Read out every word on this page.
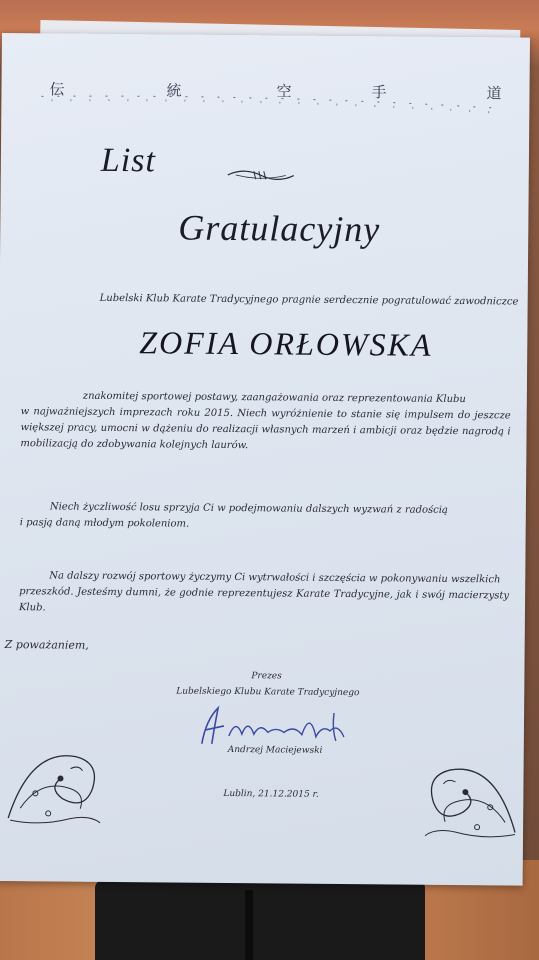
伝	統	空	手	道
List
Gratulacyjny
Lubelski Klub Karate Tradycyjnego pragnie serdecznie pogratulować zawodniczce
ZOFIA ORŁOWSKA
znakomitej sportowej postawy, zaangażowania oraz reprezentowania Klubu
w najważniejszych imprezach roku 2015. Niech wyróżnienie to stanie się impulsem do jeszcze większej pracy, umocni w dążeniu do realizacji własnych marzeń i ambicji oraz będzie nagrodą i mobilizacją do zdobywania kolejnych laurów.
Niech życzliwość losu sprzyja Ci w podejmowaniu dalszych wyzwań z radością
i pasją daną młodym pokoleniom.
Na dalszy rozwój sportowy życzymy Ci wytrwałości i szczęścia w pokonywaniu wszelkich
przeszkód. Jesteśmy dumni, że godnie reprezentujesz Karate Tradycyjne, jak i swój macierzysty Klub.
Z poważaniem,
Prezes
Lubelskiego Klubu Karate Tradycyjnego
Andrzej Maciejewski
Lublin, 21.12.2015 r.
